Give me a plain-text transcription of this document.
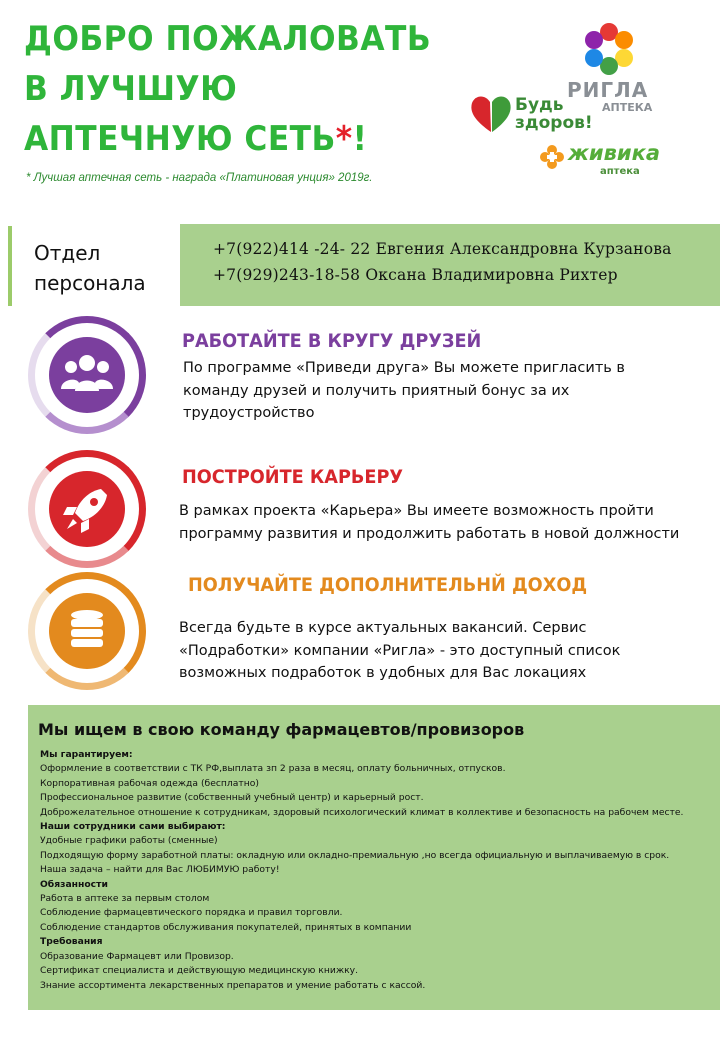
ДОБРО ПОЖАЛОВАТЬ
В ЛУЧШУЮ
АПТЕЧНУЮ СЕТЬ*!
* Лучшая аптечная сеть - награда «Платиновая унция» 2019г.
РИГЛА
АПТЕКА
Будь
здоров!
живика
аптека
Отдел
персонала
+7(922)414 -24- 22 Евгения Александровна Курзанова
+7(929)243-18-58 Оксана Владимировна Рихтер
РАБОТАЙТЕ В КРУГУ ДРУЗЕЙ
По программе «Приведи друга» Вы можете пригласить в
команду друзей и получить приятный бонус за их
трудоустройство
ПОСТРОЙТЕ КАРЬЕРУ
В рамках проекта «Карьера» Вы имеете возможность пройти
программу развития и продолжить работать в новой должности
ПОЛУЧАЙТЕ ДОПОЛНИТЕЛЬНЙ ДОХОД
Всегда будьте в курсе актуальных вакансий. Сервис
«Подработки» компании «Ригла» - это доступный список
возможных подработок в удобных для Вас локациях
Мы ищем в свою команду фармацевтов/провизоров
Мы гарантируем:
Оформление в соответствии с ТК РФ,выплата зп 2 раза в месяц, оплату больничных, отпусков.
Корпоративная рабочая одежда (бесплатно)
Профессиональное развитие (собственный учебный центр) и карьерный рост.
Доброжелательное отношение к сотрудникам, здоровый психологический климат в коллективе и безопасность на рабочем месте.
Наши сотрудники сами выбирают:
Удобные графики работы (сменные)
Подходящую форму заработной платы: окладную или окладно-премиальную ,но всегда официальную и выплачиваемую в срок.
Наша задача – найти для Вас ЛЮБИМУЮ работу!
Обязанности
Работа в аптеке за первым столом
Соблюдение фармацевтического порядка и правил торговли.
Соблюдение стандартов обслуживания покупателей, принятых в компании
Требования
Образование Фармацевт или Провизор.
Сертификат специалиста и действующую медицинскую книжку.
Знание ассортимента лекарственных препаратов и умение работать с кассой.
